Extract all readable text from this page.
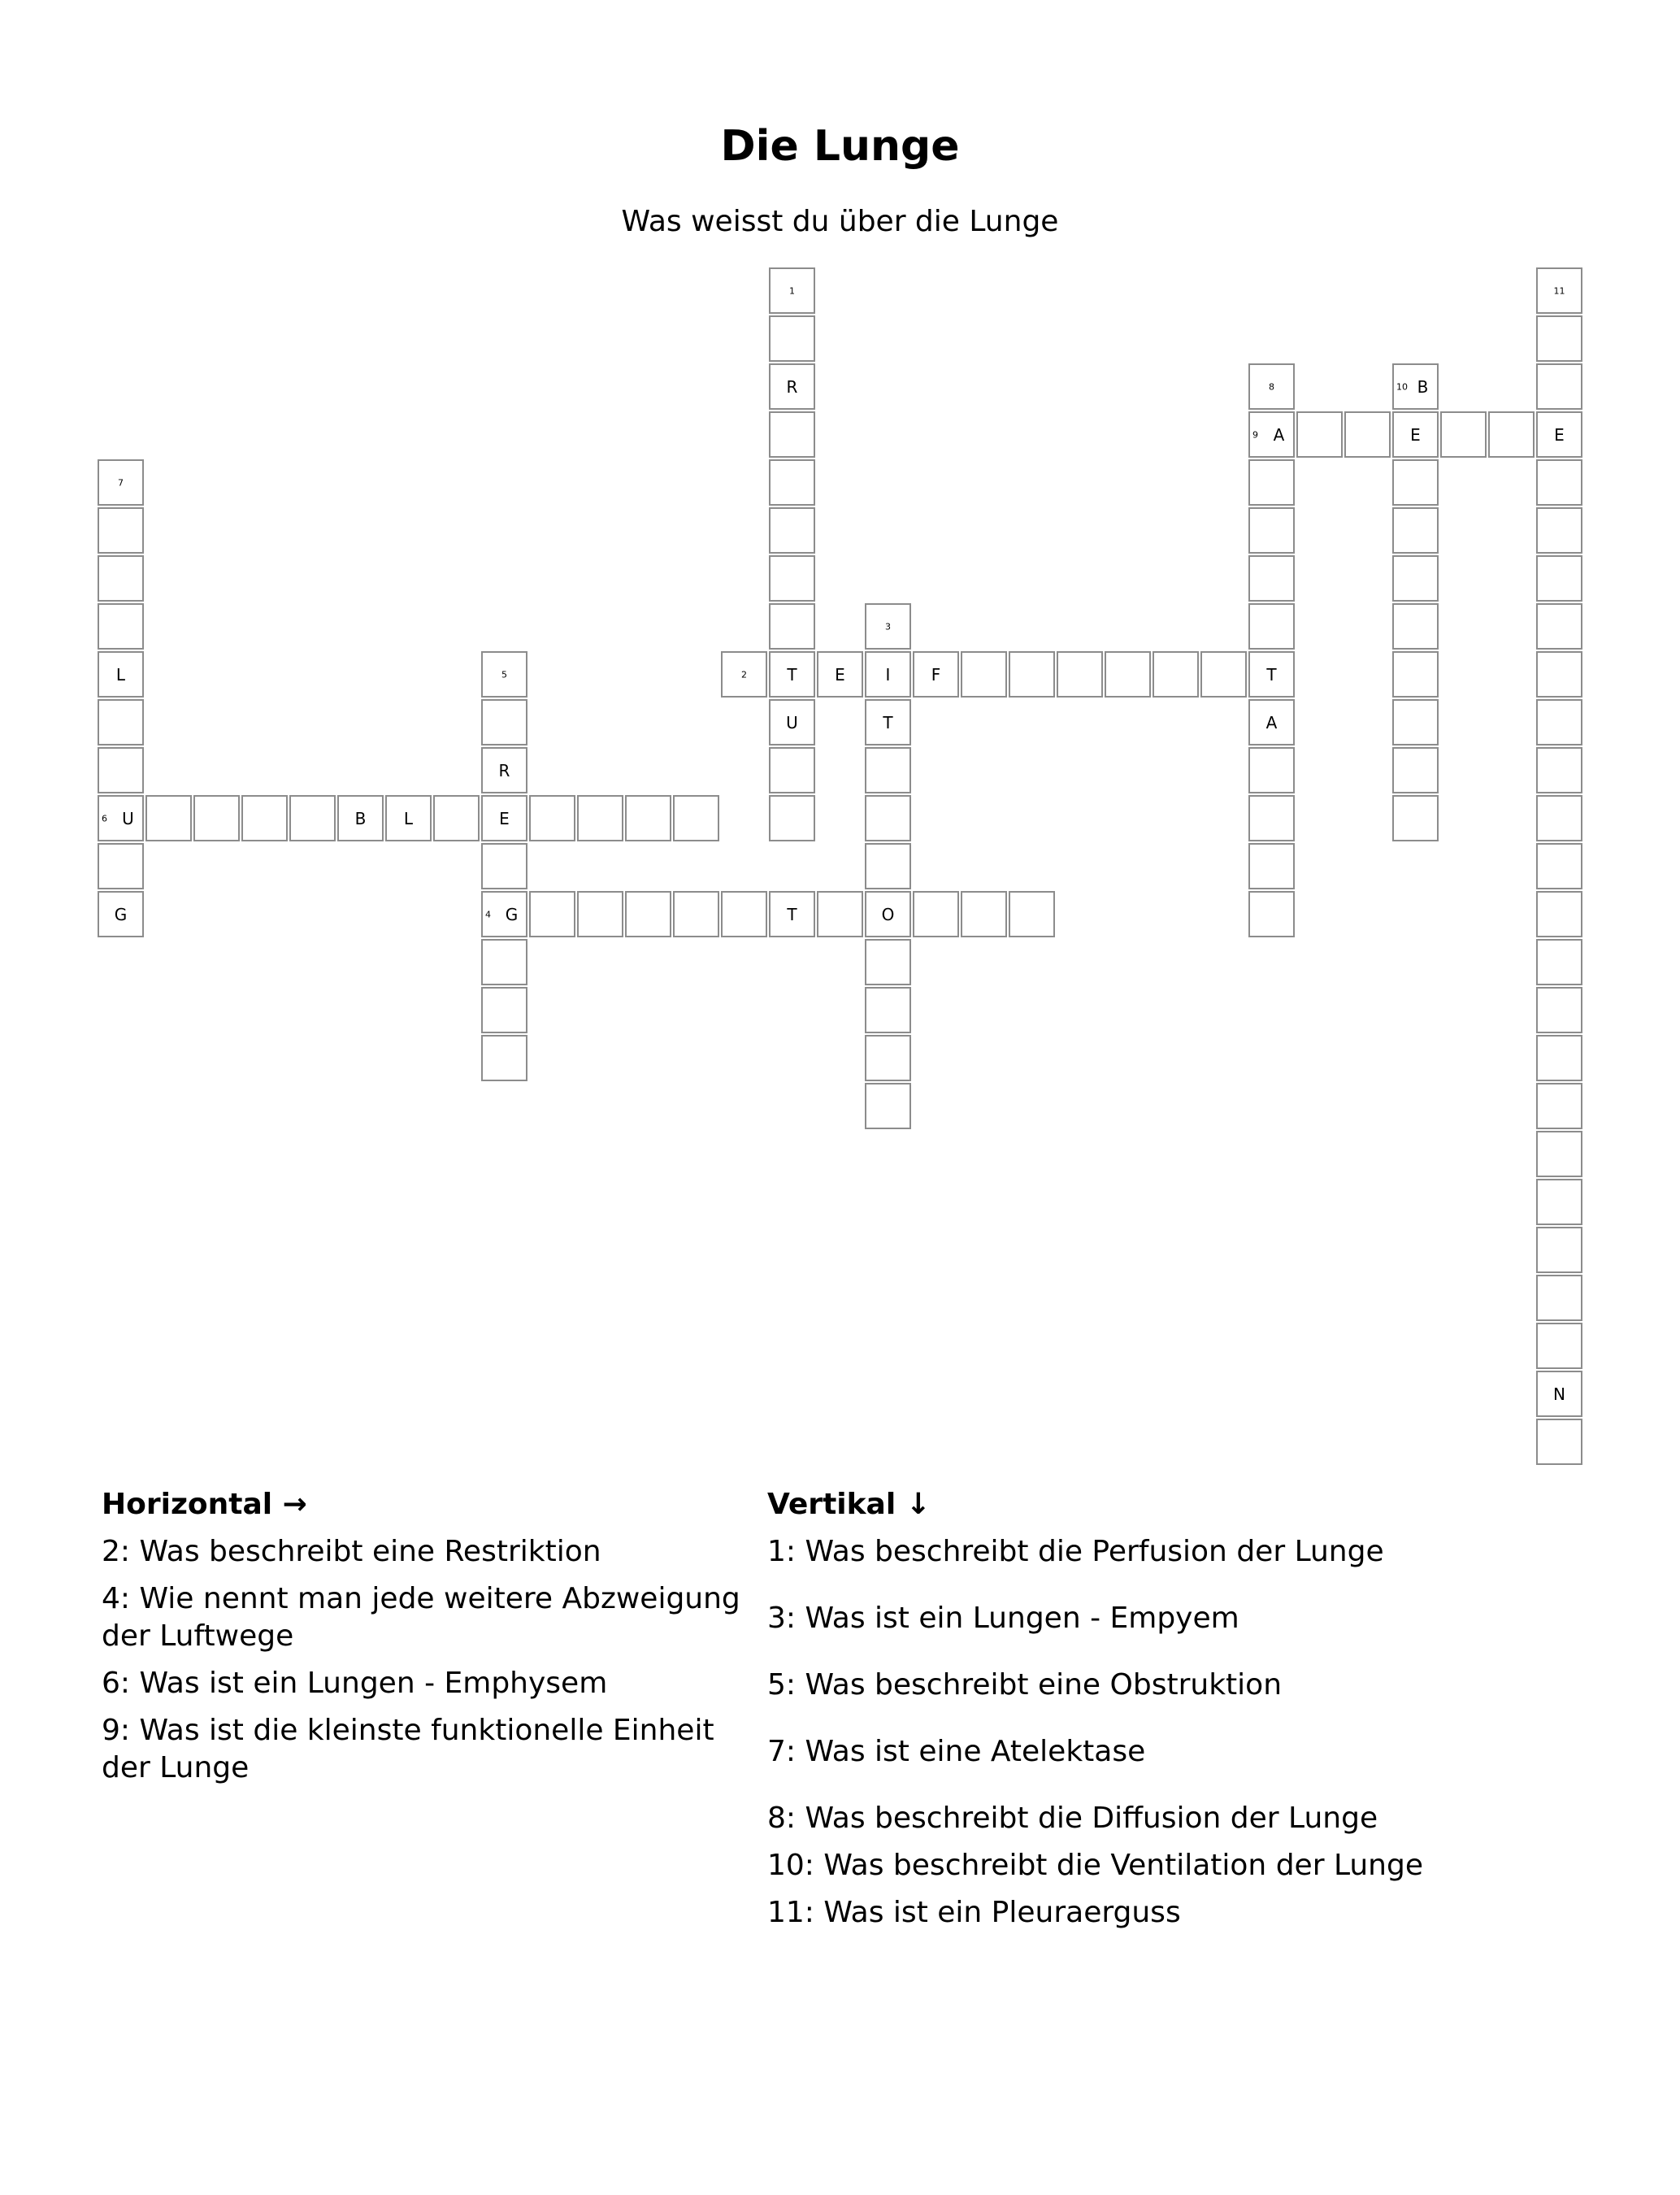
Die Lunge
Was weisst du über die Lunge
1
R
T
U
11
E
N
8
9 A
T
A
10 B
E
7
L
6 U
G
5
R
E
4 G
3
I
T
O
2	E	F
B	L
T
Horizontal →
2: Was beschreibt eine Restriktion
4: Wie nennt man jede weitere Abzweigung der Luftwege
6: Was ist ein Lungen - Emphysem
9: Was ist die kleinste funktionelle Einheit der Lunge
Vertikal ↓
1: Was beschreibt die Perfusion der Lunge
3: Was ist ein Lungen - Empyem
5: Was beschreibt eine Obstruktion
7: Was ist eine Atelektase
8: Was beschreibt die Diffusion der Lunge
10: Was beschreibt die Ventilation der Lunge
11: Was ist ein Pleuraerguss
